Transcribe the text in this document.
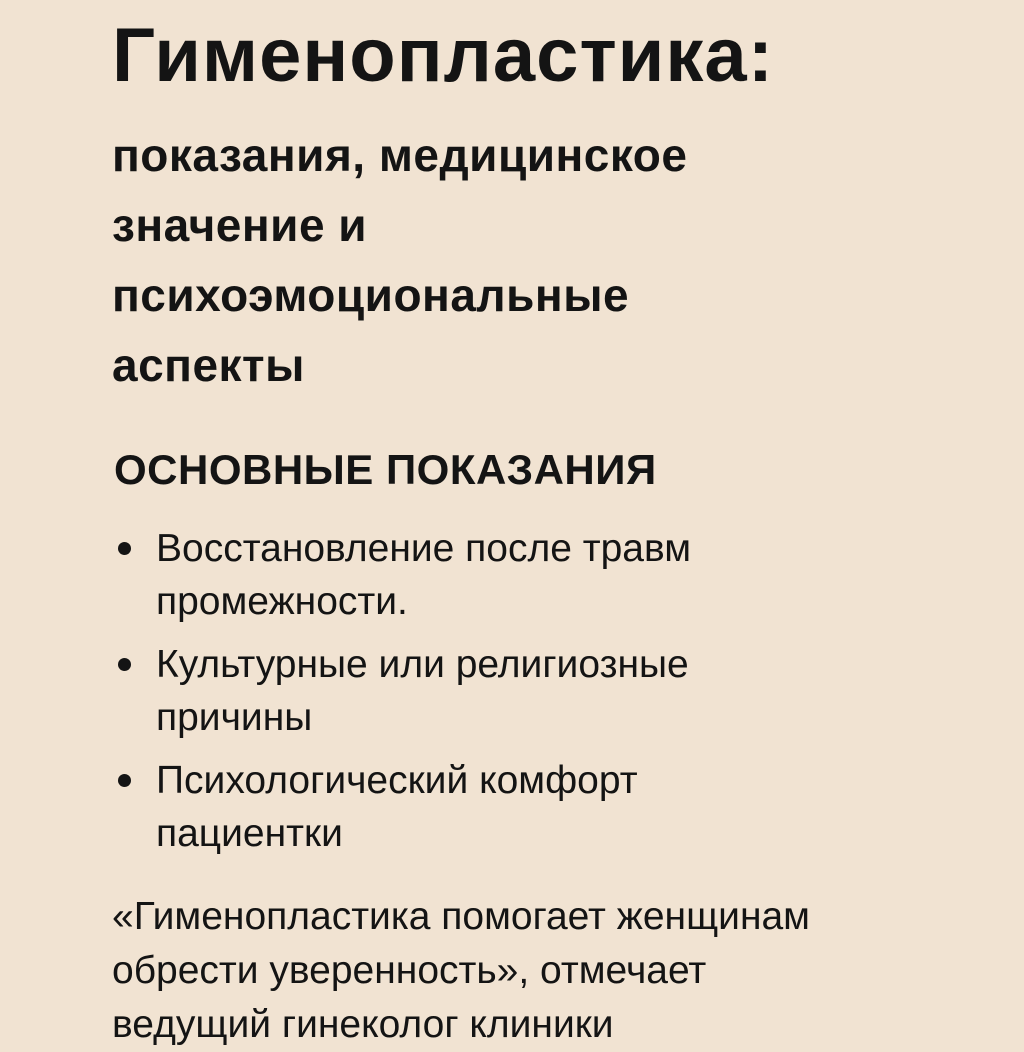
Гименопластика:
показания, медицинское
значение и
психоэмоциональные
аспекты
ОСНОВНЫЕ ПОКАЗАНИЯ
Восстановление после травм
промежности.
Культурные или религиозные
причины
Психологический комфорт
пациентки

«Гименопластика помогает женщинам
обрести уверенность», отмечает
ведущий гинеколог клиники
